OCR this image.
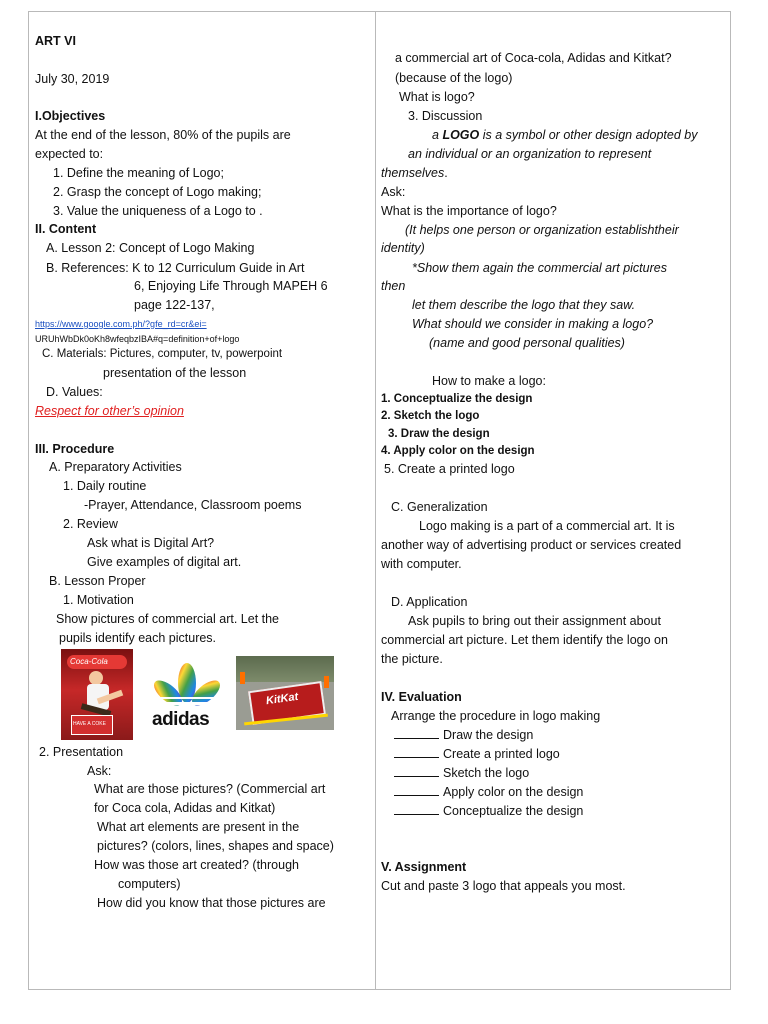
ART VI
July 30, 2019
I.Objectives
At the end of the lesson, 80% of the pupils are
expected to:
1. Define the meaning of Logo;
2. Grasp the concept of Logo making;
3. Value the uniqueness of a Logo to .
II. Content
A. Lesson 2: Concept of Logo Making
B. References: K to 12 Curriculum Guide in Art
6, Enjoying Life Through MAPEH 6
page 122-137,
https://www.google.com.ph/?gfe_rd=cr&ei=
URUhWbDk0oKh8wfeqbzIBA#q=definition+of+logo
C. Materials: Pictures, computer, tv, powerpoint
presentation of the lesson
D. Values:
Respect for other’s opinion
III. Procedure
A. Preparatory Activities
1. Daily routine
-Prayer, Attendance, Classroom poems
2. Review
Ask what is Digital Art?
Give examples of digital art.
B. Lesson Proper
1. Motivation
Show pictures of commercial art. Let the
pupils identify each pictures.
Coca-Cola
HAVE A COKE adidas
KitKat
2. Presentation
Ask:
What are those pictures? (Commercial art
for Coca cola, Adidas and Kitkat)
What art elements are present in the
pictures? (colors, lines, shapes and space)
How was those art created? (through
computers)
How did you know that those pictures are
a commercial art of Coca-cola, Adidas and Kitkat?
(because of the logo)
What is logo?
3. Discussion
a LOGO is a symbol or other design adopted by
an individual or an organization to represent
themselves.
Ask:
What is the importance of logo?
(It helps one person or organization establishtheir
identity)
*Show them again the commercial art pictures
then
let them describe the logo that they saw.
What should we consider in making a logo?
(name and good personal qualities)
How to make a logo:
1. Conceptualize the design
2. Sketch the logo
3. Draw the design
4. Apply color on the design
5. Create a printed logo
C. Generalization
Logo making is a part of a commercial art. It is
another way of advertising product or services created
with computer.
D. Application
Ask pupils to bring out their assignment about
commercial art picture. Let them identify the logo on
the picture.
IV. Evaluation
Arrange the procedure in logo making
Draw the design
Create a printed logo
Sketch the logo
Apply color on the design
Conceptualize the design
V. Assignment
Cut and paste 3 logo that appeals you most.
